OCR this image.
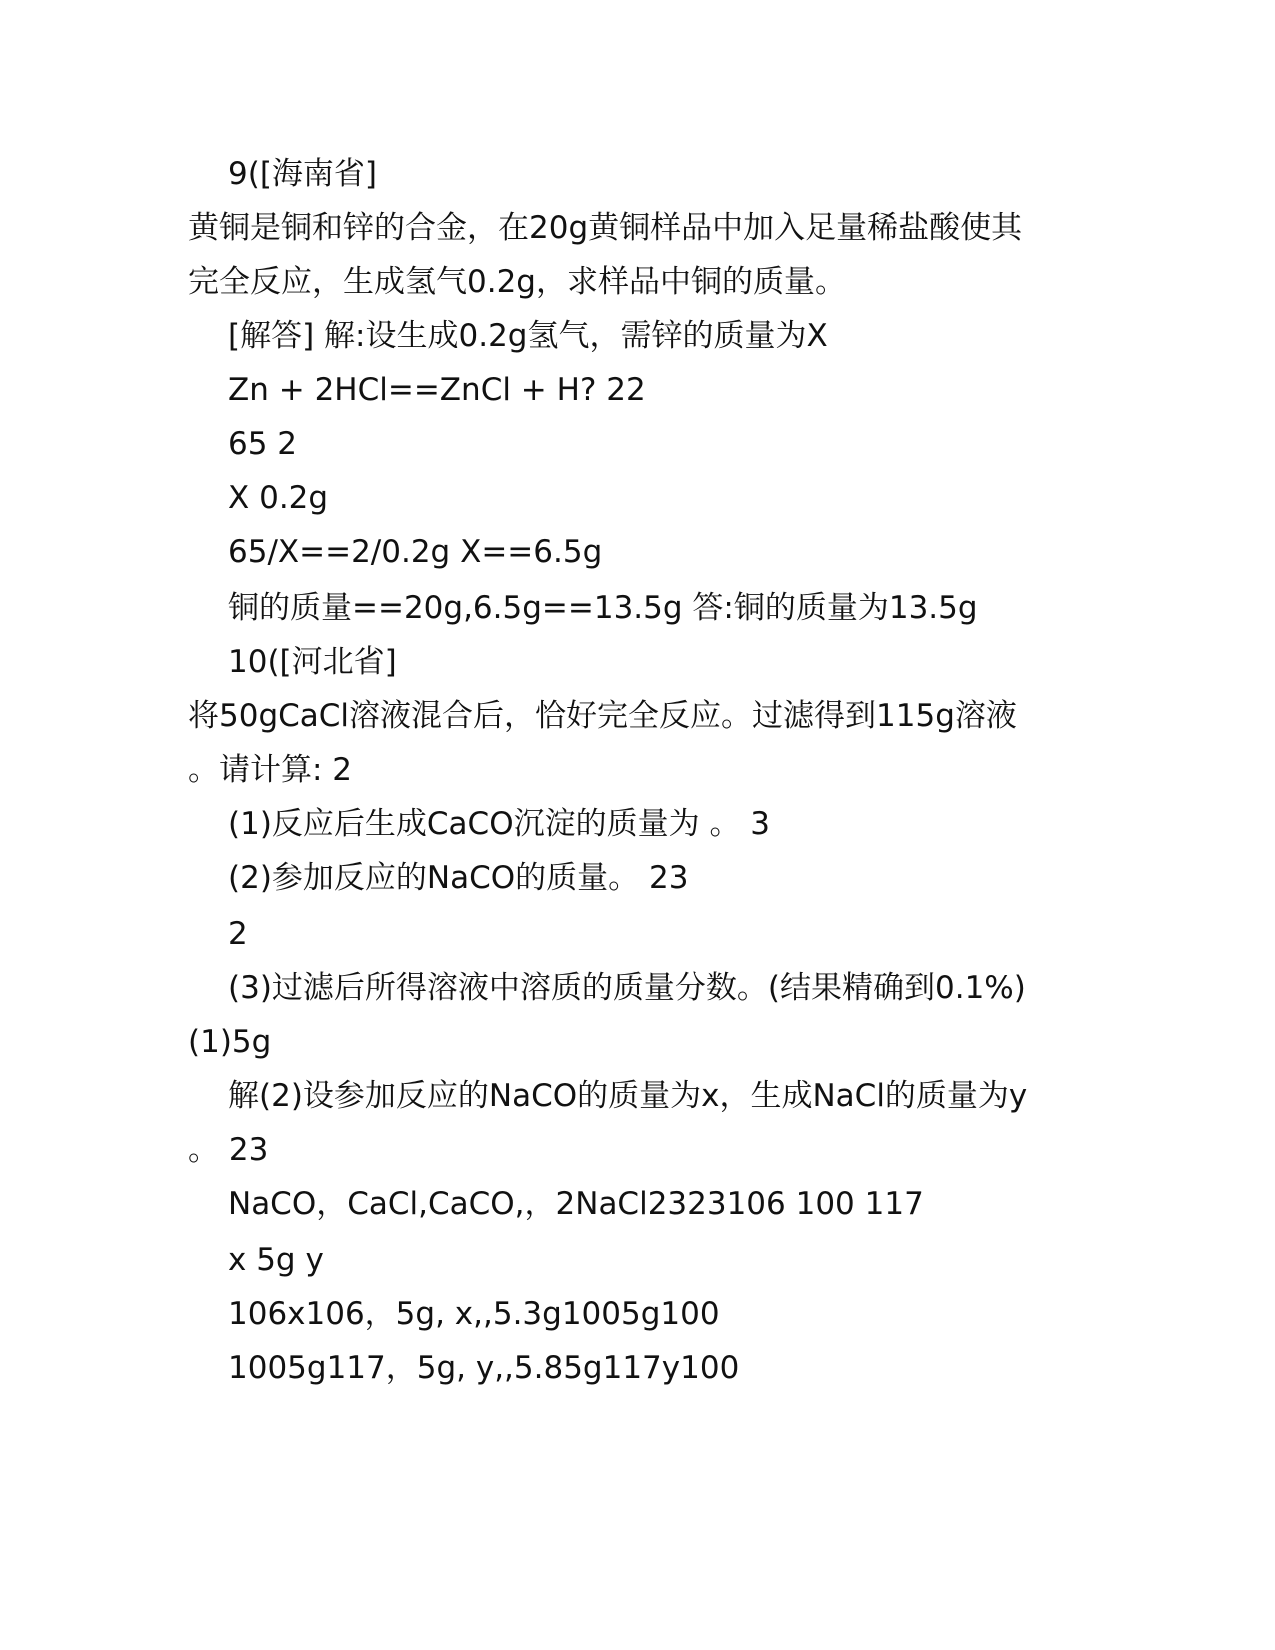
9([海南省]
黄铜是铜和锌的合金，在20g黄铜样品中加入足量稀盐酸使其
完全反应，生成氢气0.2g，求样品中铜的质量。
[解答] 解:设生成0.2g氢气，需锌的质量为X
Zn + 2HCl==ZnCl + H? 22
65 2
X 0.2g
65/X==2/0.2g X==6.5g
铜的质量==20g,6.5g==13.5g 答:铜的质量为13.5g
10([河北省]
将50gCaCl溶液混合后，恰好完全反应。过滤得到115g溶液
。请计算: 2
(1)反应后生成CaCO沉淀的质量为 。 3
(2)参加反应的NaCO的质量。 23
2
(3)过滤后所得溶液中溶质的质量分数。(结果精确到0.1%)
(1)5g
解(2)设参加反应的NaCO的质量为x，生成NaCl的质量为y
。 23
NaCO，CaCl,CaCO,，2NaCl2323106 100 117
x 5g y
106x106，5g, x,,5.3g1005g100
1005g117，5g, y,,5.85g117y100
